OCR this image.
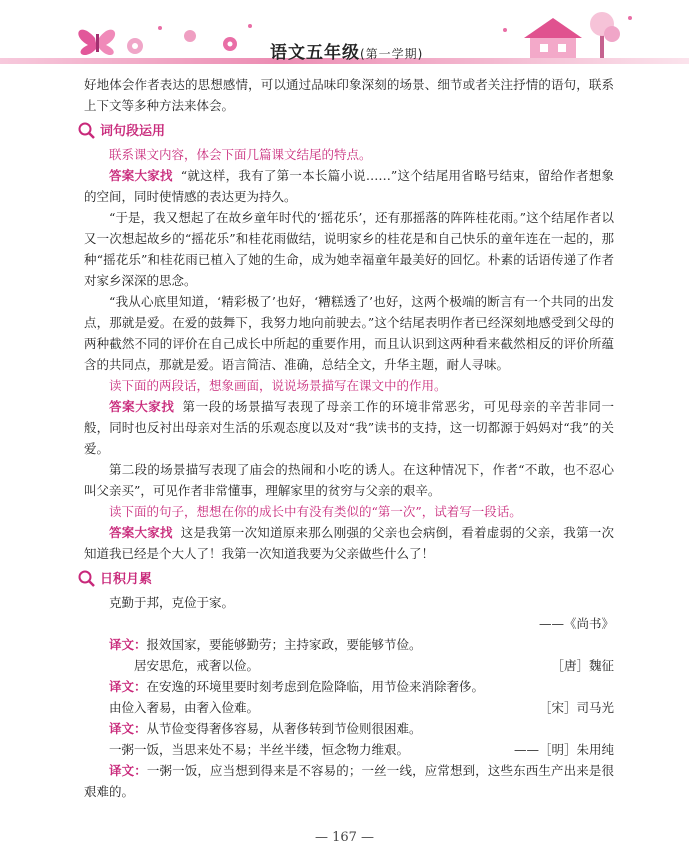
语文五年级(第一学期)

好地体会作者表达的思想感情，可以通过品味印象深刻的场景、细节或者关注抒情的语句，联系上下文等多种方法来体会。

词句段运用

联系课文内容，体会下面几篇课文结尾的特点。

答案大家找 “就这样，我有了第一本长篇小说……”这个结尾用省略号结束，留给作者想象的空间，同时使情感的表达更为持久。

“于是，我又想起了在故乡童年时代的‘摇花乐’，还有那摇落的阵阵桂花雨。”这个结尾作者以又一次想起故乡的“摇花乐”和桂花雨做结，说明家乡的桂花是和自己快乐的童年连在一起的，那种“摇花乐”和桂花雨已植入了她的生命，成为她幸福童年最美好的回忆。朴素的话语传递了作者对家乡深深的思念。

“我从心底里知道，‘精彩极了’也好，‘糟糕透了’也好，这两个极端的断言有一个共同的出发点，那就是爱。在爱的鼓舞下，我努力地向前驶去。”这个结尾表明作者已经深刻地感受到父母的两种截然不同的评价在自己成长中所起的重要作用，而且认识到这两种看来截然相反的评价所蕴含的共同点，那就是爱。语言简洁、准确，总结全文，升华主题，耐人寻味。

读下面的两段话，想象画面，说说场景描写在课文中的作用。

答案大家找 第一段的场景描写表现了母亲工作的环境非常恶劣，可见母亲的辛苦非同一般，同时也反衬出母亲对生活的乐观态度以及对“我”读书的支持，这一切都源于妈妈对“我”的关爱。

第二段的场景描写表现了庙会的热闹和小吃的诱人。在这种情况下，作者“不敢，也不忍心叫父亲买”，可见作者非常懂事，理解家里的贫穷与父亲的艰辛。

读下面的句子，想想在你的成长中有没有类似的“第一次”，试着写一段话。

答案大家找 这是我第一次知道原来那么刚强的父亲也会病倒，看着虚弱的父亲，我第一次知道我已经是个大人了！我第一次知道我要为父亲做些什么了！

日积月累

克勤于邦，克俭于家。

——《尚书》

译文：报效国家，要能够勤劳；主持家政，要能够节俭。

居安思危，戒奢以俭。	［唐］魏征

译文：在安逸的环境里要时刻考虑到危险降临，用节俭来消除奢侈。

由俭入奢易，由奢入俭难。	［宋］司马光

译文：从节俭变得奢侈容易，从奢侈转到节俭则很困难。

一粥一饭，当思来处不易；半丝半缕，恒念物力维艰。	——［明］朱用纯

译文：一粥一饭，应当想到得来是不容易的；一丝一线，应常想到，这些东西生产出来是很艰难的。

— 167 —
